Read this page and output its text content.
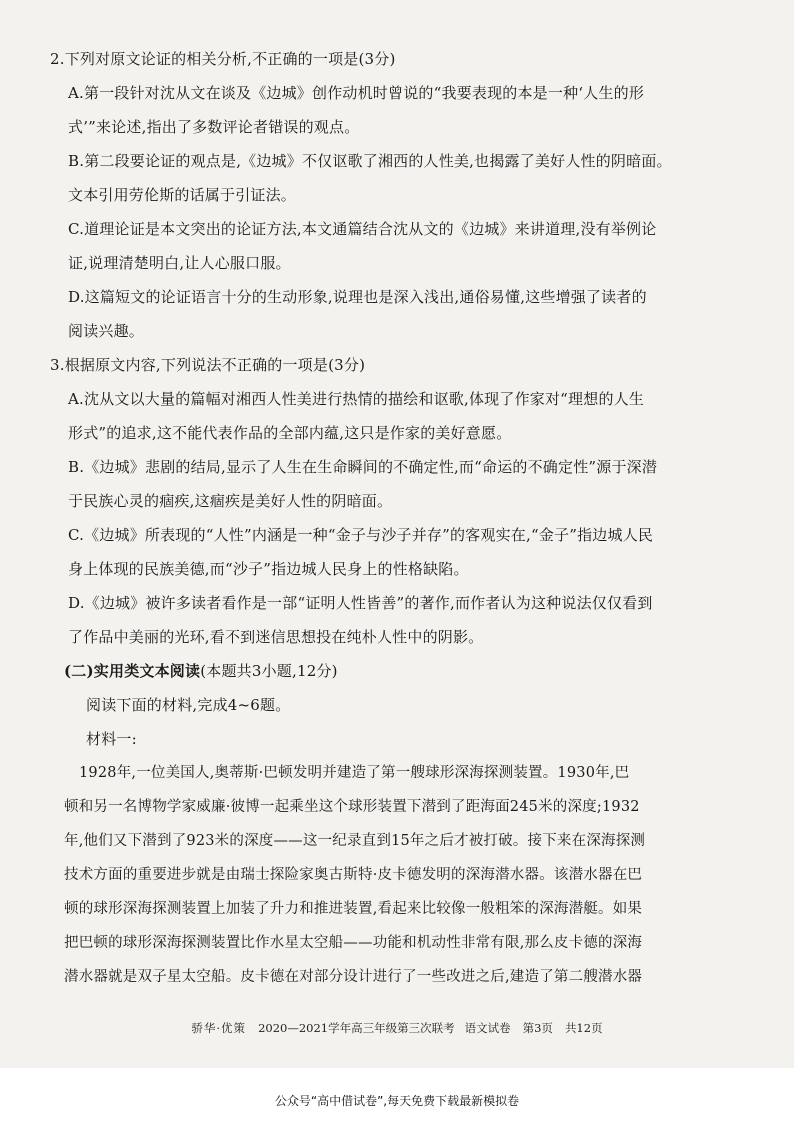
2.下列对原文论证的相关分析,不正确的一项是(3分)

A.第一段针对沈从文在谈及《边城》创作动机时曾说的“我要表现的本是一种‘人生的形

式’”来论述,指出了多数评论者错误的观点。

B.第二段要论证的观点是,《边城》不仅讴歌了湘西的人性美,也揭露了美好人性的阴暗面。

文本引用劳伦斯的话属于引证法。

C.道理论证是本文突出的论证方法,本文通篇结合沈从文的《边城》来讲道理,没有举例论

证,说理清楚明白,让人心服口服。

D.这篇短文的论证语言十分的生动形象,说理也是深入浅出,通俗易懂,这些增强了读者的

阅读兴趣。

3.根据原文内容,下列说法不正确的一项是(3分)

A.沈从文以大量的篇幅对湘西人性美进行热情的描绘和讴歌,体现了作家对“理想的人生

形式”的追求,这不能代表作品的全部内蕴,这只是作家的美好意愿。

B.《边城》悲剧的结局,显示了人生在生命瞬间的不确定性,而“命运的不确定性”源于深潜

于民族心灵的痼疾,这痼疾是美好人性的阴暗面。

C.《边城》所表现的“人性”内涵是一种“金子与沙子并存”的客观实在,“金子”指边城人民

身上体现的民族美德,而“沙子”指边城人民身上的性格缺陷。

D.《边城》被许多读者看作是一部“证明人性皆善”的著作,而作者认为这种说法仅仅看到

了作品中美丽的光环,看不到迷信思想投在纯朴人性中的阴影。

(二)实用类文本阅读(本题共3小题,12分)

阅读下面的材料,完成4~6题。

材料一:

1928年,一位美国人,奥蒂斯·巴顿发明并建造了第一艘球形深海探测装置。1930年,巴

顿和另一名博物学家威廉·彼博一起乘坐这个球形装置下潜到了距海面245米的深度;1932

年,他们又下潜到了923米的深度——这一纪录直到15年之后才被打破。接下来在深海探测

技术方面的重要进步就是由瑞士探险家奥古斯特·皮卡德发明的深海潜水器。该潜水器在巴

顿的球形深海探测装置上加装了升力和推进装置,看起来比较像一般粗笨的深海潜艇。如果

把巴顿的球形深海探测装置比作水星太空船——功能和机动性非常有限,那么皮卡德的深海

潜水器就是双子星太空船。皮卡德在对部分设计进行了一些改进之后,建造了第二艘潜水器

骄华·优策 2020—2021学年高三年级第三次联考 语文试卷 第3页 共12页
公众号“高中借试卷”,每天免费下载最新模拟卷
